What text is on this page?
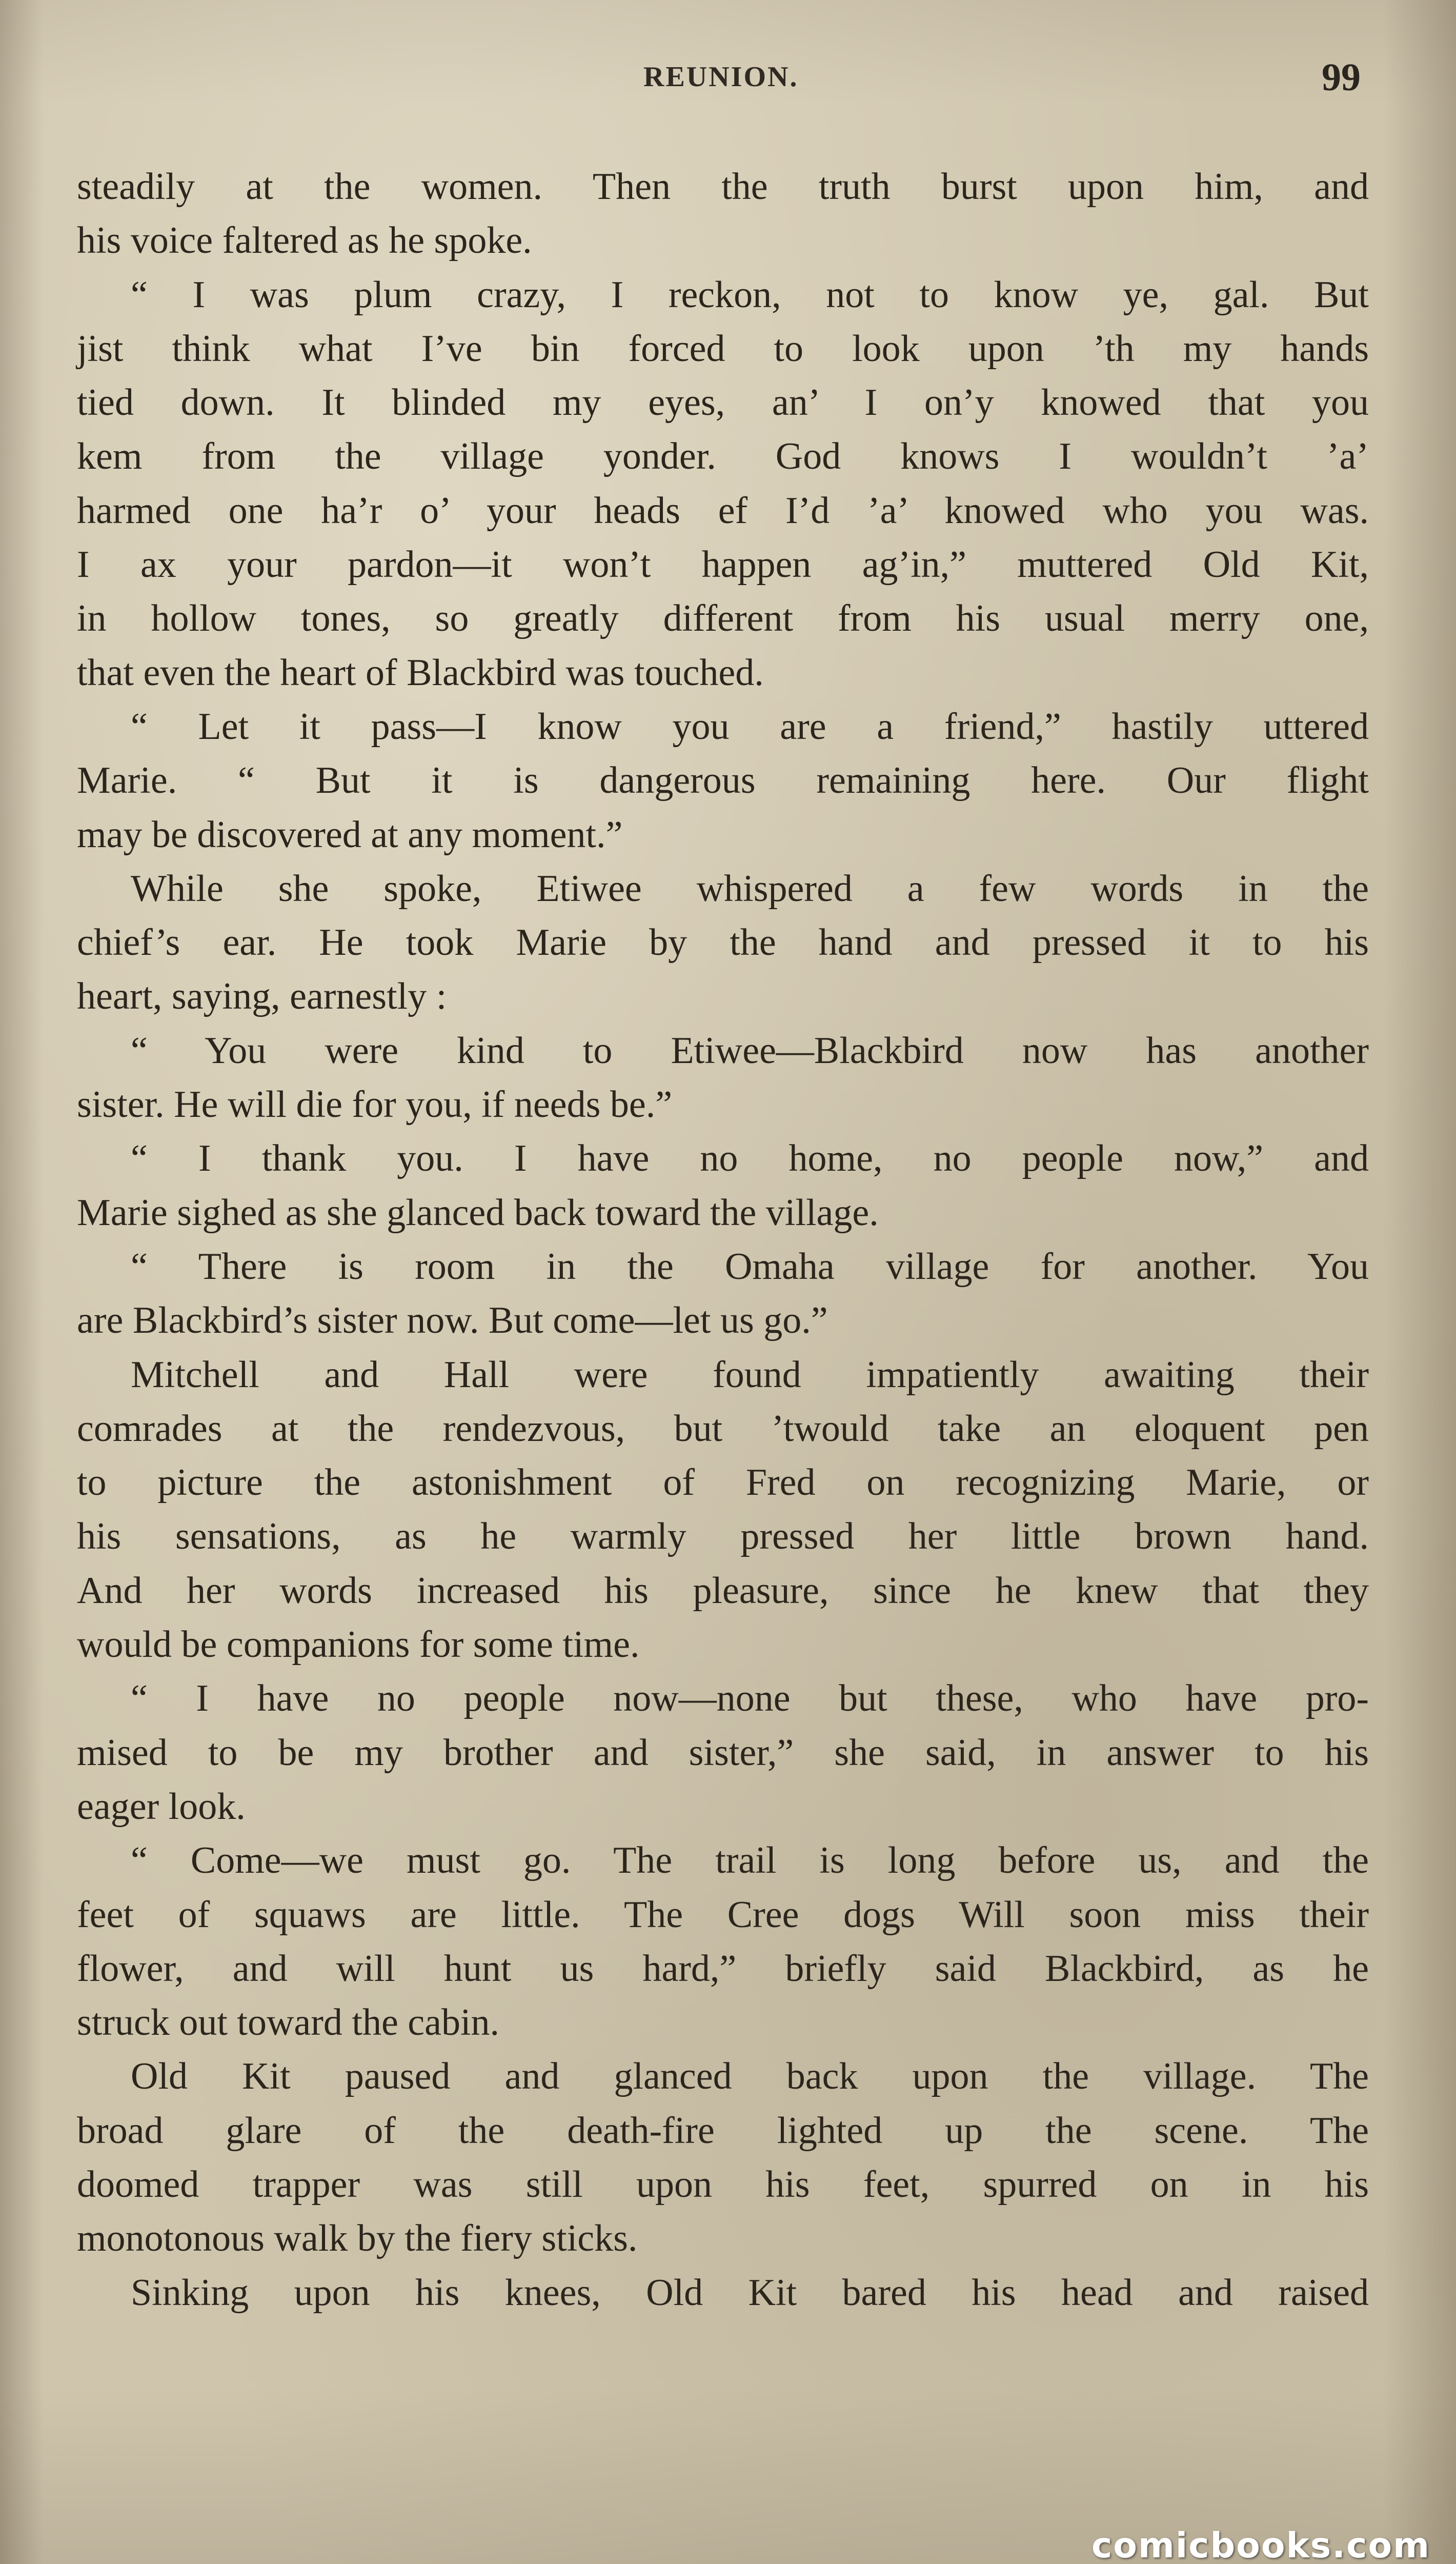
REUNION.	99
steadily at the women. Then the truth burst upon him, and
his voice faltered as he spoke.
“ I was plum crazy, I reckon, not to know ye, gal. But
jist think what I’ve bin forced to look upon ’th my hands
tied down. It blinded my eyes, an’ I on’y knowed that you
kem from the village yonder. God knows I wouldn’t ’a’
harmed one ha’r o’ your heads ef I’d ’a’ knowed who you was.
I ax your pardon—it won’t happen ag’in,” muttered Old Kit,
in hollow tones, so greatly different from his usual merry one,
that even the heart of Blackbird was touched.
“ Let it pass—I know you are a friend,” hastily uttered
Marie. “ But it is dangerous remaining here. Our flight
may be discovered at any moment.”
While she spoke, Etiwee whispered a few words in the
chief’s ear. He took Marie by the hand and pressed it to his
heart, saying, earnestly :
“ You were kind to Etiwee—Blackbird now has another
sister. He will die for you, if needs be.”
“ I thank you. I have no home, no people now,” and
Marie sighed as she glanced back toward the village.
“ There is room in the Omaha village for another. You
are Blackbird’s sister now. But come—let us go.”
Mitchell and Hall were found impatiently awaiting their
comrades at the rendezvous, but ’twould take an eloquent pen
to picture the astonishment of Fred on recognizing Marie, or
his sensations, as he warmly pressed her little brown hand.
And her words increased his pleasure, since he knew that they
would be companions for some time.
“ I have no people now—none but these, who have pro-
mised to be my brother and sister,” she said, in answer to his
eager look.
“ Come—we must go. The trail is long before us, and the
feet of squaws are little. The Cree dogs Will soon miss their
flower, and will hunt us hard,” briefly said Blackbird, as he
struck out toward the cabin.
Old Kit paused and glanced back upon the village. The
broad glare of the death-fire lighted up the scene. The
doomed trapper was still upon his feet, spurred on in his
monotonous walk by the fiery sticks.
Sinking upon his knees, Old Kit bared his head and raised
comicbooks.com
